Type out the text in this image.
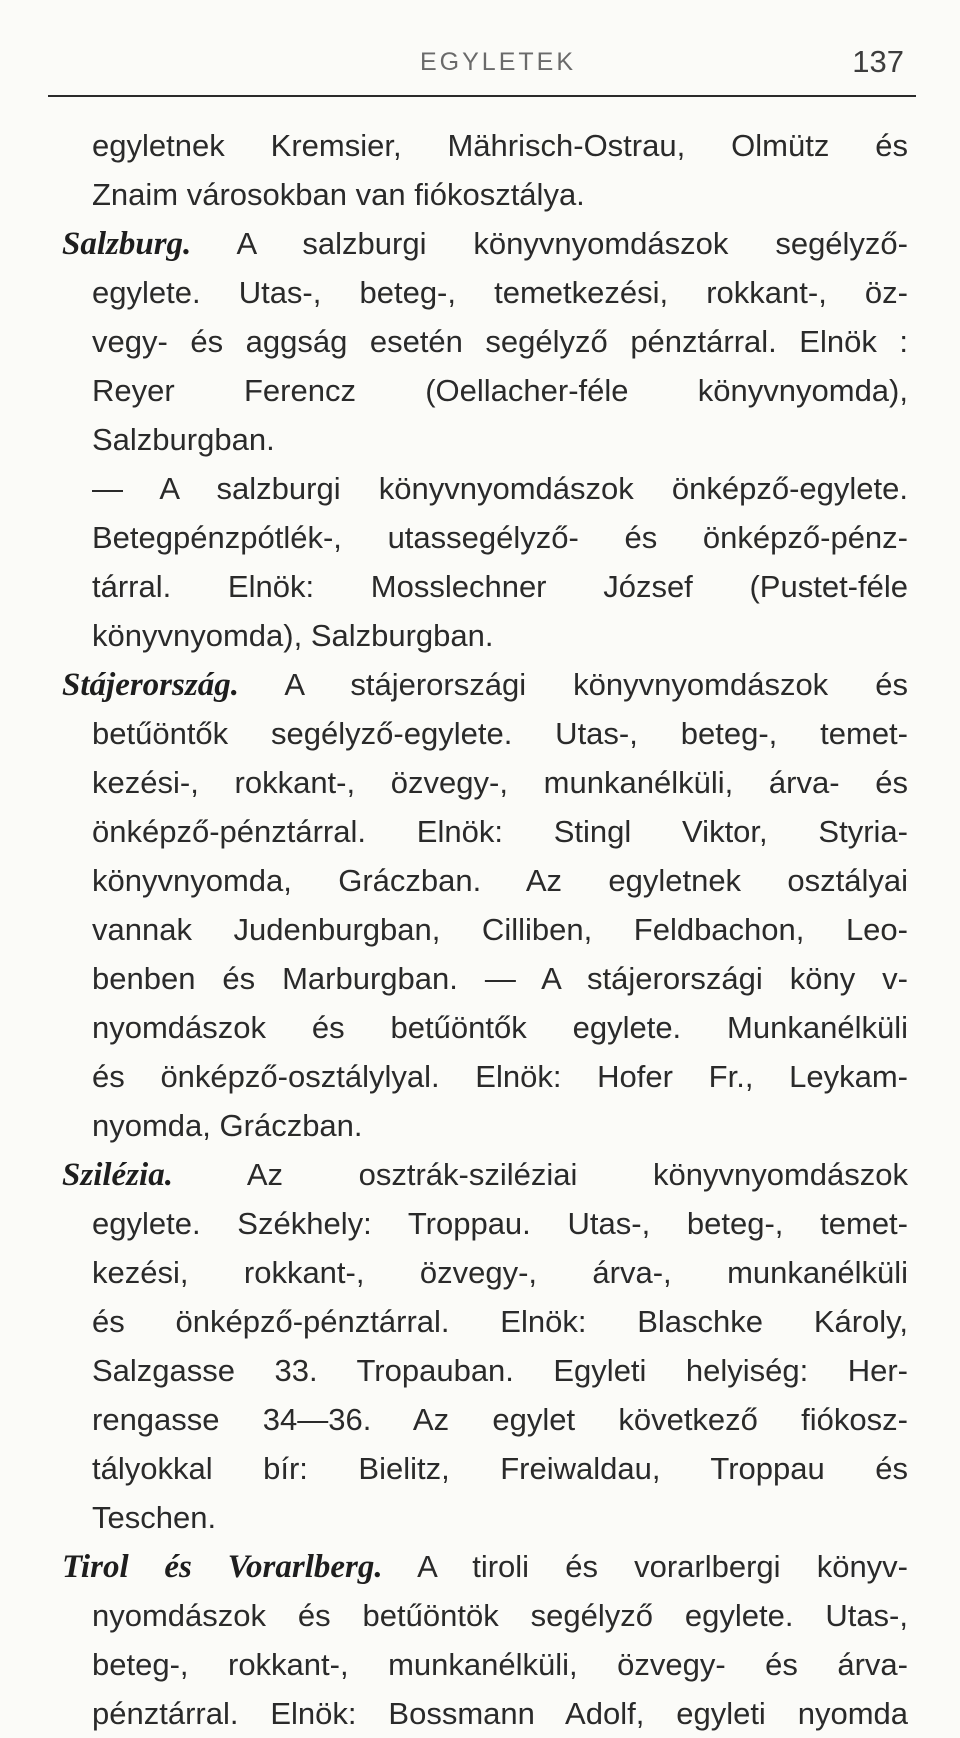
EGYLETEK	137
egyletnek Kremsier, Mährisch-Ostrau, Olmütz és
Znaim városokban van fiókosztálya.
Salzburg. A salzburgi könyvnyomdászok segélyző-
egylete. Utas-, beteg-, temetkezési, rokkant-, öz-
vegy- és aggság esetén segélyző pénztárral. Elnök :
Reyer Ferencz (Oellacher-féle könyvnyomda),
Salzburgban.
— A salzburgi könyvnyomdászok önképző-egylete.
Betegpénzpótlék-, utassegélyző- és önképző-pénz-
tárral. Elnök: Mosslechner József (Pustet-féle
könyvnyomda), Salzburgban.
Stájerország. A stájerországi könyvnyomdászok és
betűöntők segélyző-egylete. Utas-, beteg-, temet-
kezési-, rokkant-, özvegy-, munkanélküli, árva- és
önképző-pénztárral. Elnök: Stingl Viktor, Styria-
könyvnyomda, Gráczban. Az egyletnek osztályai
vannak Judenburgban, Cilliben, Feldbachon, Leo-
benben és Marburgban. — A stájerországi köny v-
nyomdászok és betűöntők egylete. Munkanélküli
és önképző-osztálylyal. Elnök: Hofer Fr., Leykam-
nyomda, Gráczban.
Szilézia. Az osztrák-sziléziai könyvnyomdászok
egylete. Székhely: Troppau. Utas-, beteg-, temet-
kezési, rokkant-, özvegy-, árva-, munkanélküli
és önképző-pénztárral. Elnök: Blaschke Károly,
Salzgasse 33. Tropauban. Egyleti helyiség: Her-
rengasse 34—36. Az egylet következő fiókosz-
tályokkal bír: Bielitz, Freiwaldau, Troppau és
Teschen.
Tirol és Vorarlberg. A tiroli és vorarlbergi könyv-
nyomdászok és betűöntök segélyző egylete. Utas-,
beteg-, rokkant-, munkanélküli, özvegy- és árva-
pénztárral. Elnök: Bossmann Adolf, egyleti nyomda
